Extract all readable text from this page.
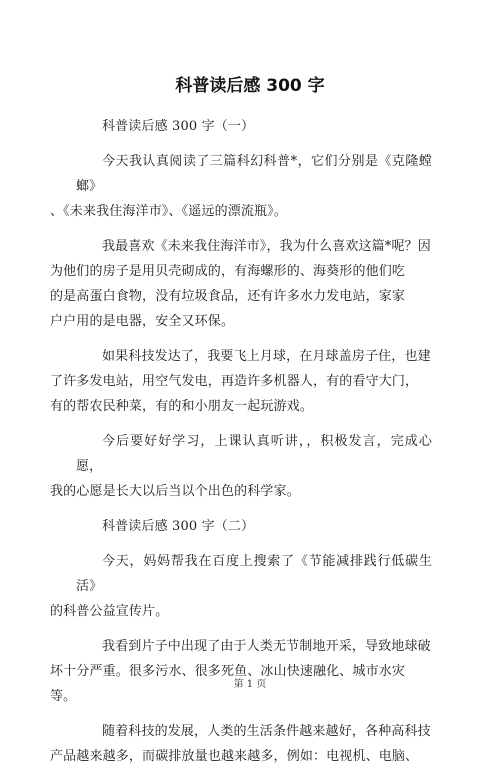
科普读后感 300 字

科普读后感 300 字（一）

今天我认真阅读了三篇科幻科普*，它们分别是《克隆螳螂》
、《未来我住海洋市》、《遥远的漂流瓶》。

我最喜欢《未来我住海洋市》，我为什么喜欢这篇*呢？因
为他们的房子是用贝壳砌成的，有海螺形的、海葵形的他们吃
的是高蛋白食物，没有垃圾食品，还有许多水力发电站，家家
户户用的是电器，安全又环保。

如果科技发达了，我要飞上月球，在月球盖房子住，也建
了许多发电站，用空气发电，再造许多机器人，有的看守大门，
有的帮农民种菜，有的和小朋友一起玩游戏。

今后要好好学习，上课认真听讲，，积极发言，完成心愿，
我的心愿是长大以后当以个出色的科学家。

科普读后感 300 字（二）

今天，妈妈帮我在百度上搜索了《节能减排践行低碳生活》
的科普公益宣传片。

我看到片子中出现了由于人类无节制地开采，导致地球破
坏十分严重。很多污水、很多死鱼、冰山快速融化、城市水灾
等。

随着科技的发展，人类的生活条件越来越好，各种高科技
产品越来越多，而碳排放量也越来越多，例如：电视机、电脑、

第 1 页
